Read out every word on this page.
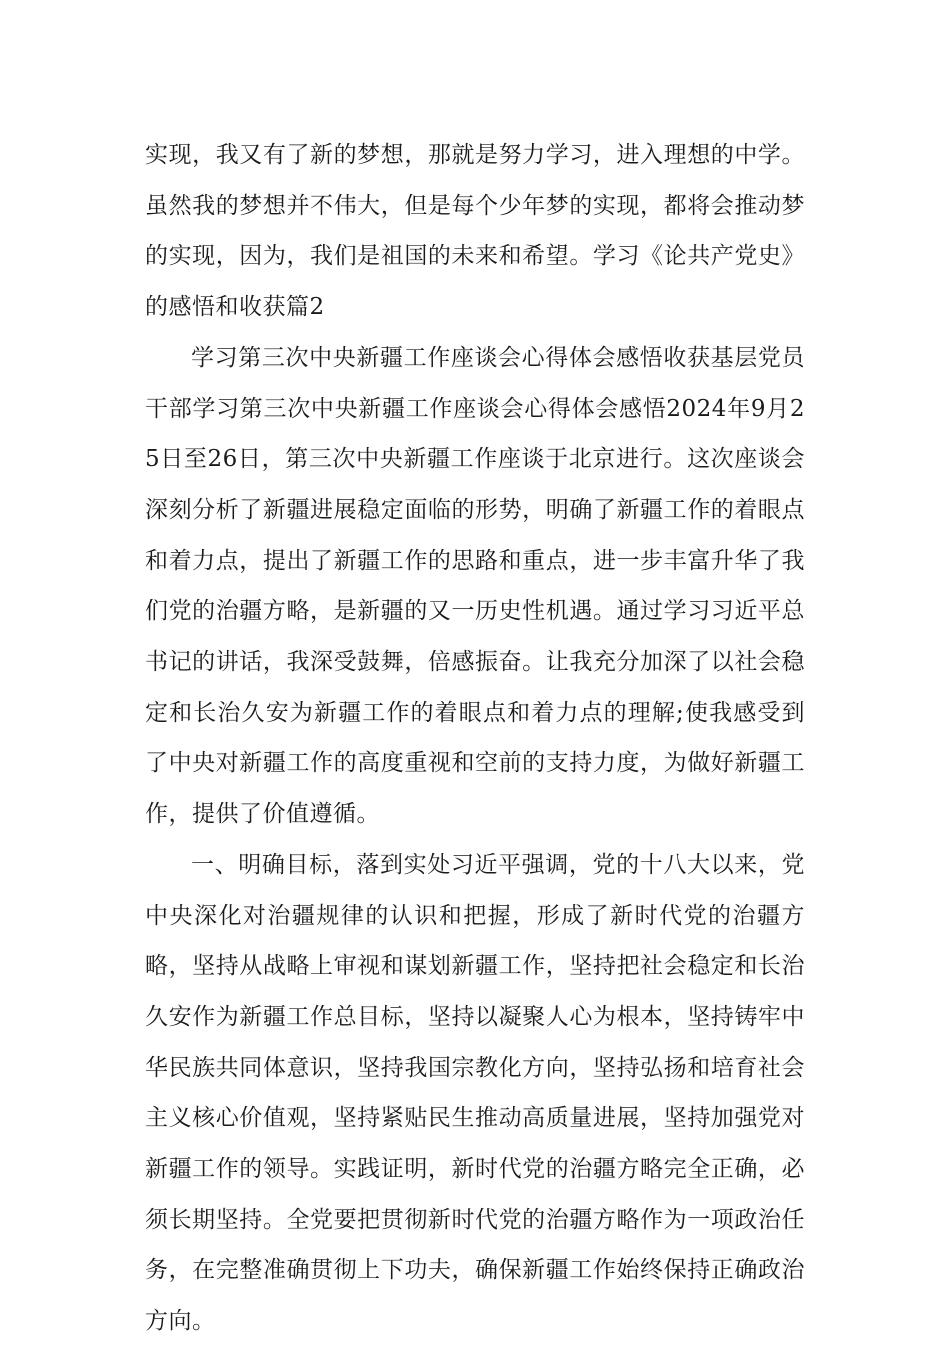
实现，我又有了新的梦想，那就是努力学习，进入理想的中学。虽然我的梦想并不伟大，但是每个少年梦的实现，都将会推动梦的实现，因为，我们是祖国的未来和希望。学习《论共产党史》的感悟和收获篇2

学习第三次中央新疆工作座谈会心得体会感悟收获基层党员干部学习第三次中央新疆工作座谈会心得体会感悟2024年9月25日至26日，第三次中央新疆工作座谈于北京进行。这次座谈会深刻分析了新疆进展稳定面临的形势，明确了新疆工作的着眼点和着力点，提出了新疆工作的思路和重点，进一步丰富升华了我们党的治疆方略，是新疆的又一历史性机遇。通过学习习近平总书记的讲话，我深受鼓舞，倍感振奋。让我充分加深了以社会稳定和长治久安为新疆工作的着眼点和着力点的理解;使我感受到了中央对新疆工作的高度重视和空前的支持力度，为做好新疆工作，提供了价值遵循。

一、明确目标，落到实处习近平强调，党的十八大以来，党中央深化对治疆规律的认识和把握，形成了新时代党的治疆方略，坚持从战略上审视和谋划新疆工作，坚持把社会稳定和长治久安作为新疆工作总目标，坚持以凝聚人心为根本，坚持铸牢中华民族共同体意识，坚持我国宗教化方向，坚持弘扬和培育社会主义核心价值观，坚持紧贴民生推动高质量进展，坚持加强党对新疆工作的领导。实践证明，新时代党的治疆方略完全正确，必须长期坚持。全党要把贯彻新时代党的治疆方略作为一项政治任务，在完整准确贯彻上下功夫，确保新疆工作始终保持正确政治方向。
